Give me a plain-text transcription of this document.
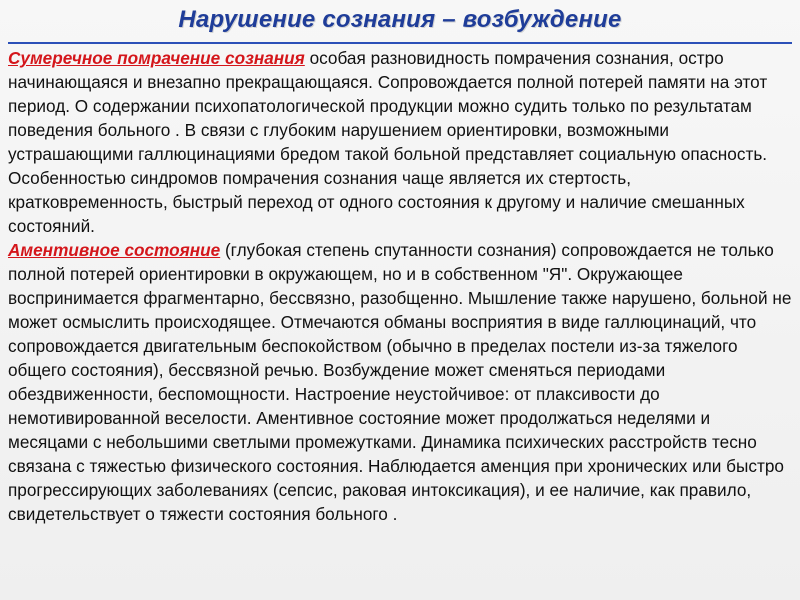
Нарушение сознания – возбуждение

Сумеречное помрачение сознания особая разновидность помрачения сознания, остро начинающаяся и внезапно прекращающаяся. Сопровождается полной потерей памяти на этот период. О содержании психопатологической продукции можно судить только по результатам поведения больного . В связи с глубоким нарушением ориентировки, возможными устрашающими галлюцинациями бредом такой больной представляет социальную опасность.

Особенностью синдромов помрачения сознания чаще является их стертость, кратковременность, быстрый переход от одного состояния к другому и наличие смешанных состояний.

Аментивное состояние (глубокая степень спутанности сознания) сопровождается не только полной потерей ориентировки в окружающем, но и в собственном "Я". Окружающее воспринимается фрагментарно, бессвязно, разобщенно. Мышление также нарушено, больной не может осмыслить происходящее. Отмечаются обманы восприятия в виде галлюцинаций, что сопровождается двигательным беспокойством (обычно в пределах постели из-за тяжелого общего состояния), бессвязной речью. Возбуждение может сменяться периодами обездвиженности, беспомощности. Настроение неустойчивое: от плаксивости до немотивированной веселости. Аментивное состояние может продолжаться неделями и месяцами с небольшими светлыми промежутками. Динамика психических расстройств тесно связана с тяжестью физического состояния. Наблюдается аменция при хронических или быстро прогрессирующих заболеваниях (сепсис, раковая интоксикация), и ее наличие, как правило, свидетельствует о тяжести состояния больного .
